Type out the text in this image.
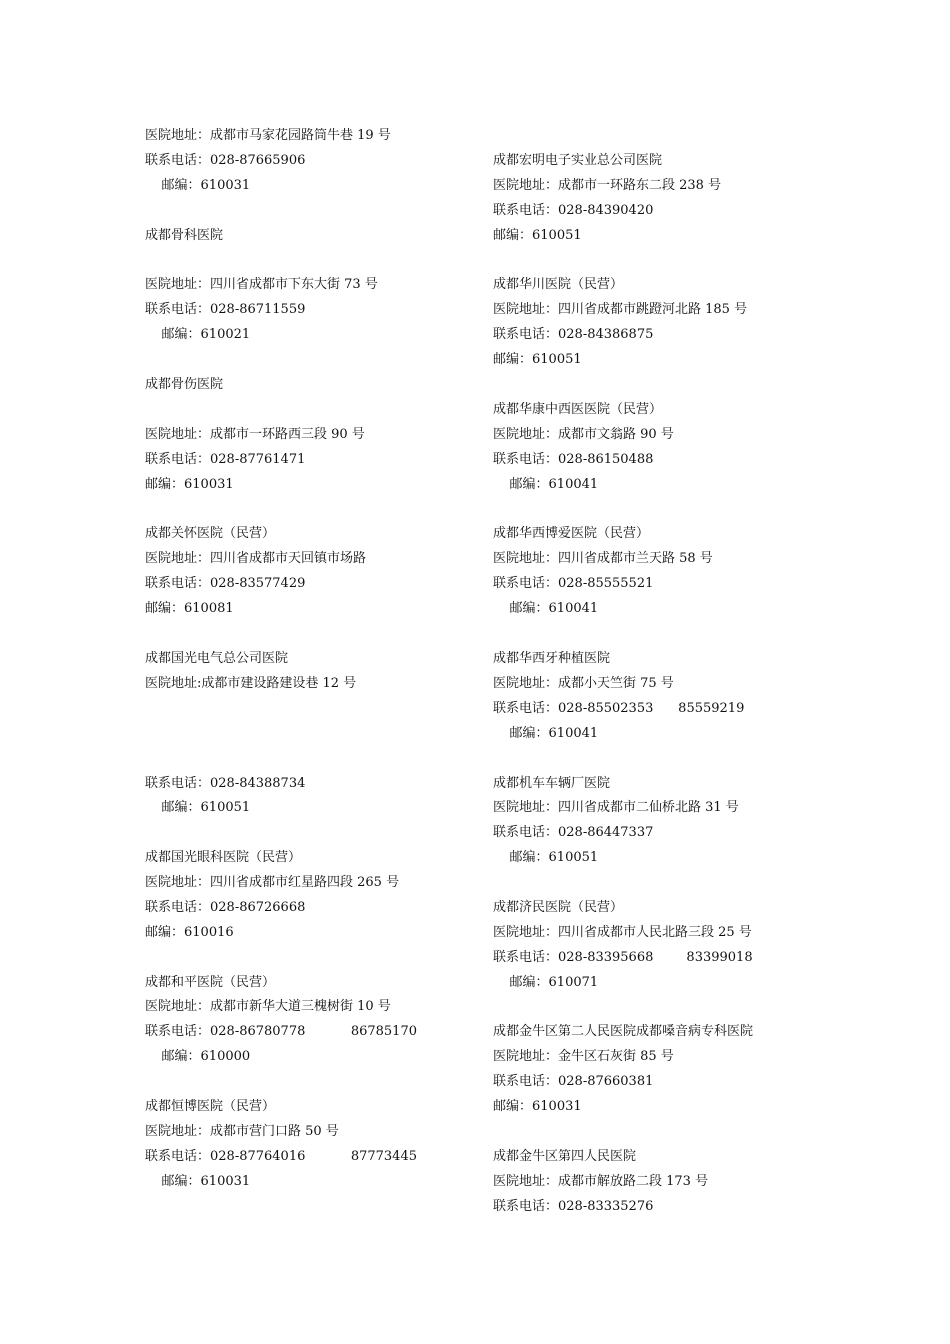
医院地址：成都市马家花园路筒牛巷 19 号
联系电话：028-87665906
邮编：610031
成都骨科医院
医院地址：四川省成都市下东大街 73 号
联系电话：028-86711559
邮编：610021
成都骨伤医院
医院地址：成都市一环路西三段 90 号
联系电话：028-87761471
邮编：610031
成都关怀医院（民营）
医院地址：四川省成都市天回镇市场路
联系电话：028-83577429
邮编：610081
成都国光电气总公司医院
医院地址:成都市建设路建设巷 12 号
联系电话：028-84388734
邮编：610051
成都国光眼科医院（民营）
医院地址：四川省成都市红星路四段 265 号
联系电话：028-86726668
邮编：610016
成都和平医院（民营）
医院地址：成都市新华大道三槐树街 10 号
联系电话：028-86780778           86785170
邮编：610000
成都恒博医院（民营）
医院地址：成都市营门口路 50 号
联系电话：028-87764016           87773445
邮编：610031
成都宏明电子实业总公司医院
医院地址：成都市一环路东二段 238 号
联系电话：028-84390420
邮编：610051
成都华川医院（民营）
医院地址：四川省成都市跳蹬河北路 185 号
联系电话：028-84386875
邮编：610051
成都华康中西医医院（民营）
医院地址：成都市文翁路 90 号
联系电话：028-86150488
邮编：610041
成都华西博爱医院（民营）
医院地址：四川省成都市兰天路 58 号
联系电话：028-85555521
邮编：610041
成都华西牙种植医院
医院地址：成都小天竺街 75 号
联系电话：028-85502353      85559219
邮编：610041
成都机车车辆厂医院
医院地址：四川省成都市二仙桥北路 31 号
联系电话：028-86447337
邮编：610051
成都济民医院（民营）
医院地址：四川省成都市人民北路三段 25 号
联系电话：028-83395668        83399018
邮编：610071
成都金牛区第二人民医院成都嗓音病专科医院
医院地址：金牛区石灰街 85 号
联系电话：028-87660381
邮编：610031
成都金牛区第四人民医院
医院地址：成都市解放路二段 173 号
联系电话：028-83335276
